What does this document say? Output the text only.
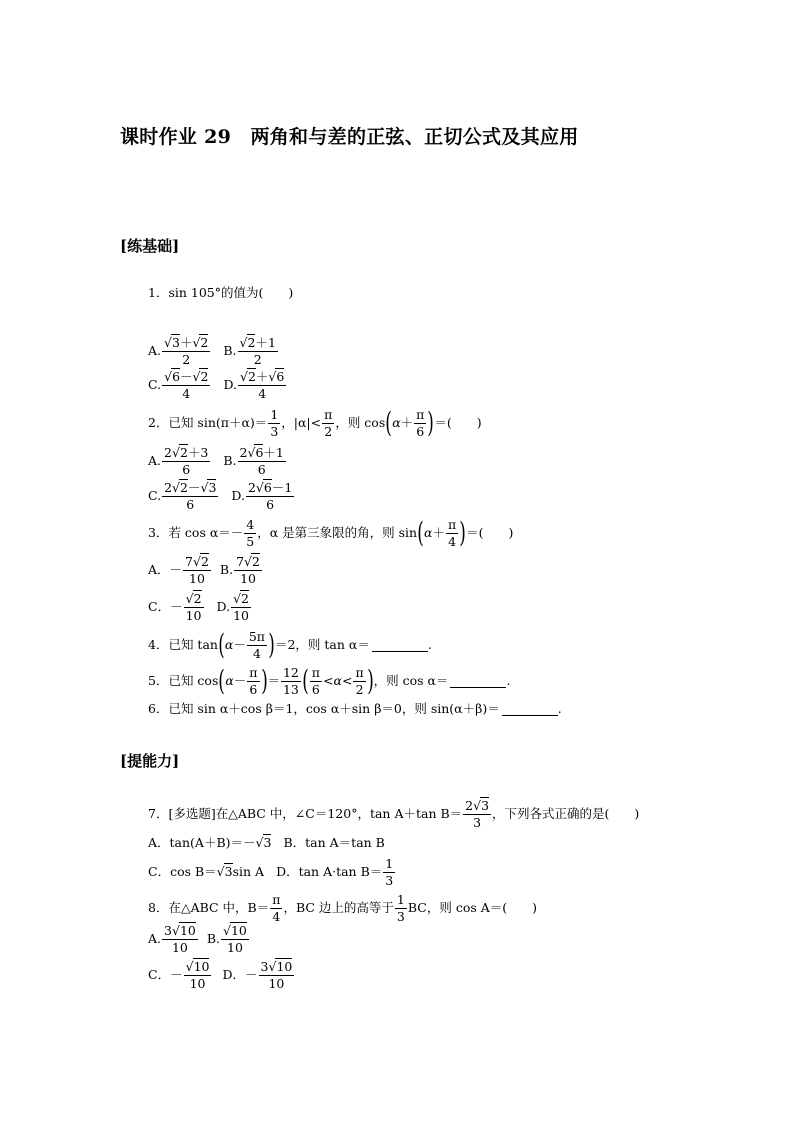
课时作业 29　两角和与差的正弦、正切公式及其应用
[练基础]
1．sin 105°的值为(　　)
A. $\frac{√3+√2}{2} B$. $\frac{√2+1}{2}$
C. $\frac{√6-√2}{4} D$. $\frac{√2+√6}{4}$
2．已知 $\sin(\pi+\alpha)= \frac{1}{3}$ ，$|\alpha|< \frac{\pi}{2}$ ，则 cos ( $\alpha + \frac{\pi}{6}$ ) ＝(　　)
A. $\frac{2√2+3}{6} B$. $\frac{2√6+1}{6}$
C. $\frac{2√2-√3}{6} D$. $\frac{2√6-1}{6}$
3．若 $\cos \alpha=- \frac{4}{5}$ ，α 是第三象限的角，则 sin ( $\alpha + \frac{\pi}{4}$ ) ＝(　　)
A． － $\frac{7√2}{10} B$. $\frac{7√2}{10}$
C． － $\frac{√2}{10} D$. $\frac{√2}{10}$
4．已知 tan ( $\alpha - \frac{5\pi}{4}$ ) ＝2，则 tan α＝	.
5．已知 cos ( $\alpha - \frac{\pi}{6}$ ) ＝ $\frac{12}{13}$ ( $\frac{\pi}{6} < \alpha < \frac{\pi}{2}$ ) ，则 cos α＝	.
6．已知 sin α＋cos β＝1，cos α＋sin β＝0，则 sin(α＋β)＝	.
[提能力]
7．[多选题]在△ABC 中，∠C＝120°，tan A＋tan $B= \frac{2√3}{3}$ ，下列各式正确的是(　　)
A．tan(A＋B)＝－ √3 B．tan A＝tan B
C．cos B＝ √3 sin A D．tan A·tan $B= \frac{1}{3}$
8．在△ABC 中，$B= \frac{\pi}{4}$ ，BC 边上的高等于 $\frac{1}{3}$ BC，则 cos A＝(　　)
A. $\frac{3√10}{10} B$. $\frac{√10}{10}$
C． － $\frac{√10}{10}$ D． － $\frac{3√10}{10}$
